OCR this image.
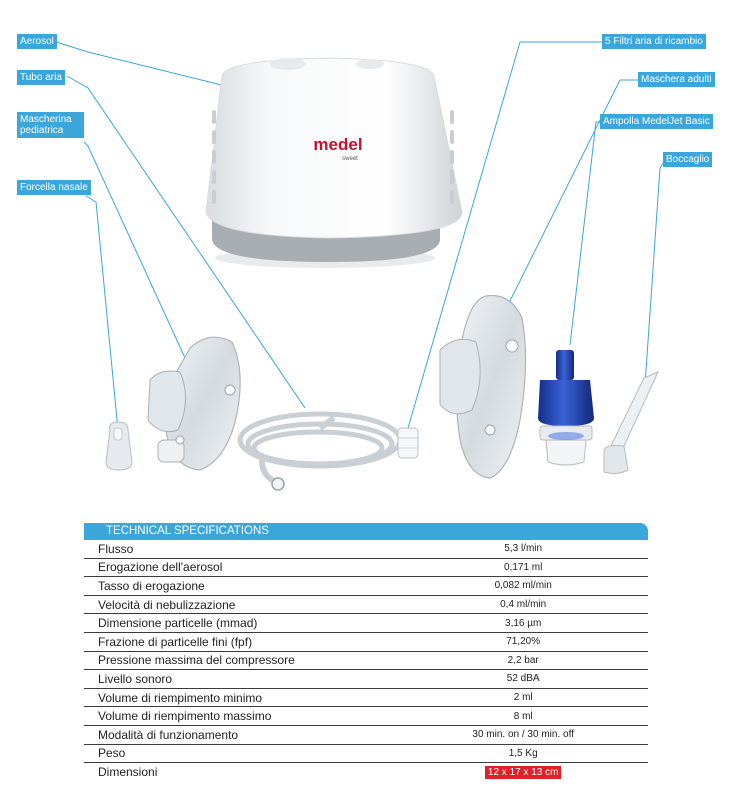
medel
sweet
Aerosol
Tubo aria
Mascherina pediatrica
Forcella nasale
5 Filtri aria di ricambio
Maschera adulti
Ampolla MedelJet Basic
Boccaglio
TECHNICAL SPECIFICATIONS
Flusso	5,3 l/min
Erogazione dell'aerosol	0,171 ml
Tasso di erogazione	0,082 ml/min
Velocità di nebulizzazione	0,4 ml/min
Dimensione particelle (mmad)	3,16 µm
Frazione di particelle fini (fpf)	71,20%
Pressione massima del compressore	2,2 bar
Livello sonoro	52 dBA
Volume di riempimento minimo	2 ml
Volume di riempimento massimo	8 ml
Modalità di funzionamento	30 min. on / 30 min. off
Peso	1,5 Kg
Dimensioni	12 x 17 x 13 cm
